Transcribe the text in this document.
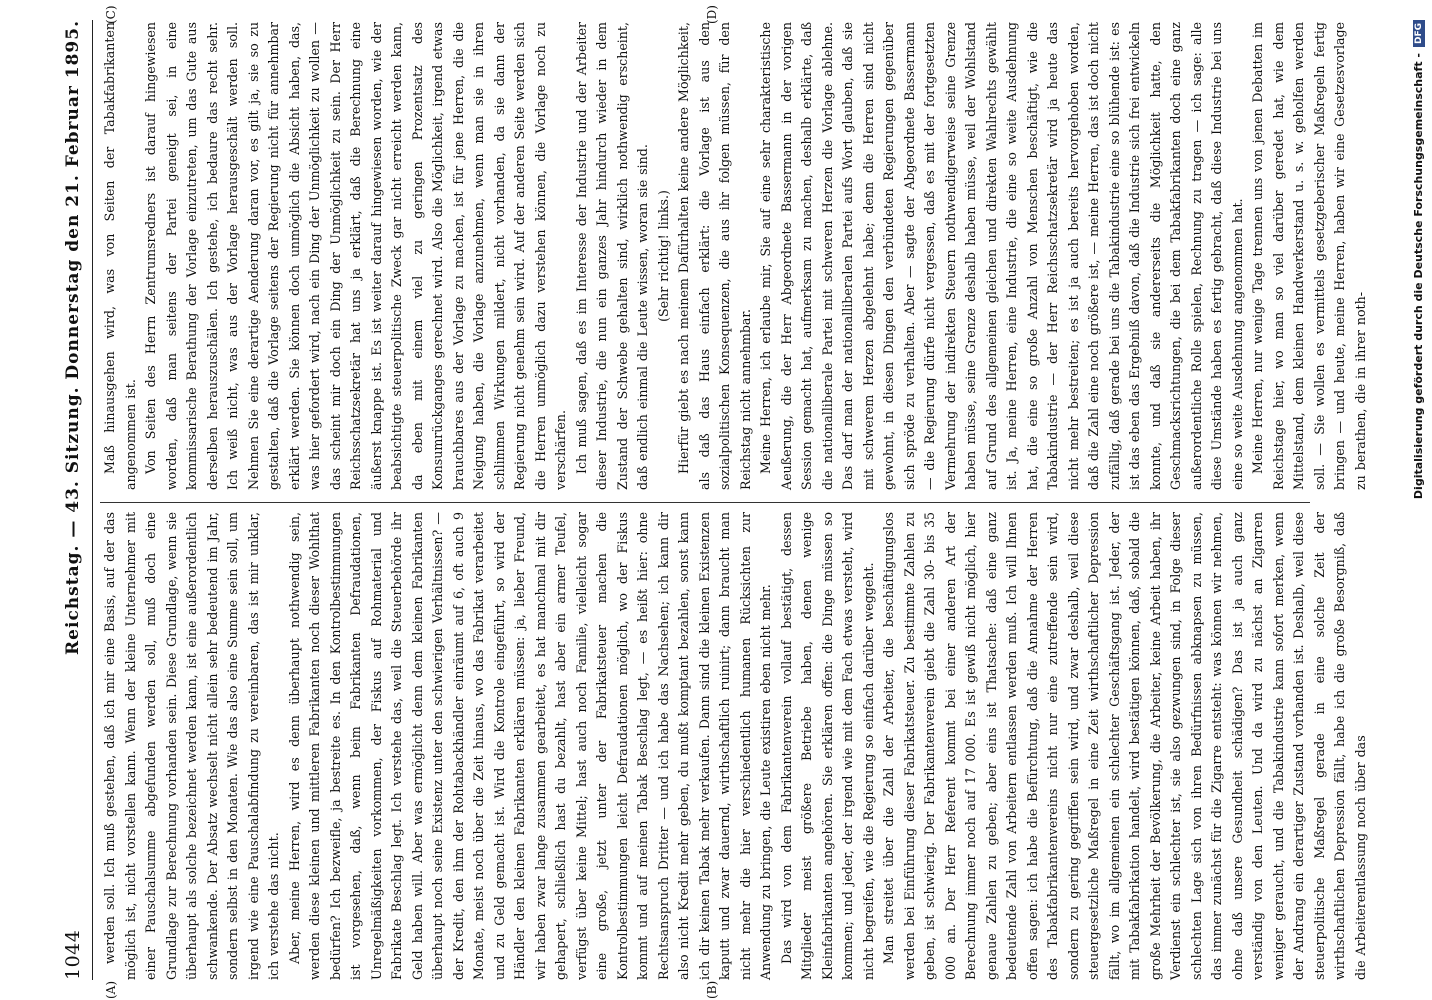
1044
Reichstag. — 43. Sitzung. Donnerstag den 21. Februar 1895.
(A)	(B)
(C)	(D)

werden soll. Ich muß gestehen, daß ich mir eine Basis, auf der das möglich ist, nicht vorstellen kann. Wenn der kleine Unternehmer mit einer Pauschalsumme abgefunden werden soll, muß doch eine Grundlage zur Berechnung vorhanden sein. Diese Grundlage, wenn sie überhaupt als solche bezeichnet werden kann, ist eine außerordentlich schwankende. Der Absatz wechselt nicht allein sehr bedeutend im Jahr, sondern selbst in den Monaten. Wie das also eine Summe sein soll, um irgend wie eine Pauschalabfindung zu vereinbaren, das ist mir unklar, ich verstehe das nicht. Aber, meine Herren, wird es denn überhaupt nothwendig sein, werden diese kleinen und mittleren Fabrikanten noch dieser Wohlthat bedürfen? Ich bezweifle, ja bestreite es. In den Kontrolbestimmungen ist vorgesehen, daß, wenn beim Fabrikanten Defraudationen, Unregelmäßigkeiten vorkommen, der Fiskus auf Rohmaterial und Fabrikate Beschlag legt. Ich verstehe das, weil die Steuerbehörde ihr Geld haben will. Aber was ermöglicht denn dem kleinen Fabrikanten überhaupt noch seine Existenz unter den schwierigen Verhältnissen? — der Kredit, den ihm der Rohtabackhändler einräumt auf 6, oft auch 9 Monate, meist noch über die Zeit hinaus, wo das Fabrikat verarbeitet und zu Geld gemacht ist. Wird die Kontrole eingeführt, so wird der Händler den kleinen Fabrikanten erklären müssen: ja, lieber Freund, wir haben zwar lange zusammen gearbeitet, es hat manchmal mit dir gehapert, schließlich hast du bezahlt, hast aber ein armer Teufel, verfügst über keine Mittel; hast auch noch Familie, vielleicht sogar eine große, jetzt unter der Fabrikatsteuer machen die Kontrolbestimmungen leicht Defraudationen möglich, wo der Fiskus kommt und auf meinen Tabak Beschlag legt, — es heißt hier: ohne Rechtsanspruch Dritter — und ich habe das Nachsehen; ich kann dir also nicht Kredit mehr geben, du mußt komptant bezahlen, sonst kann ich dir keinen Tabak mehr verkaufen. Dann sind die kleinen Existenzen kaputt und zwar dauernd, wirthschaftlich ruinirt; dann braucht man nicht mehr die hier verschiedentlich humanen Rücksichten zur Anwendung zu bringen, die Leute existiren eben nicht mehr. Das wird von dem Fabrikantenverein vollauf bestätigt, dessen Mitglieder meist größere Betriebe haben, denen wenige Kleinfabrikanten angehören. Sie erklären offen: die Dinge müssen so kommen; und jeder, der irgend wie mit dem Fach etwas versteht, wird nicht begreifen, wie die Regierung so einfach darüber weggeht. Man streitet über die Zahl der Arbeiter, die beschäftigungslos werden bei Einführung dieser Fabrikatsteuer. Zu bestimmte Zahlen zu geben, ist schwierig. Der Fabrikantenverein giebt die Zahl 30- bis 35 000 an. Der Herr Referent kommt bei einer anderen Art der Berechnung immer noch auf 17 000. Es ist gewiß nicht möglich, hier genaue Zahlen zu geben; aber eins ist Thatsache: daß eine ganz bedeutende Zahl von Arbeitern entlassen werden muß. Ich will Ihnen offen sagen: ich habe die Befürchtung, daß die Annahme der Herren des Tabakfabrikantenvereins nicht nur eine zutreffende sein wird, sondern zu gering gegriffen sein wird, und zwar deshalb, weil diese steuergesetzliche Maßregel in eine Zeit wirthschaftlicher Depression fällt, wo im allgemeinen ein schlechter Geschäftsgang ist. Jeder, der mit Tabakfabrikation handelt, wird bestätigen können, daß, sobald die große Mehrheit der Bevölkerung, die Arbeiter, keine Arbeit haben, ihr Verdienst ein schlechter ist, sie also gezwungen sind, in Folge dieser schlechten Lage sich von ihren Bedürfnissen abknapsen zu müssen, das immer zunächst für die Zigarre entsteht: was können wir nehmen, ohne daß unsere Gesundheit schädigen? Das ist ja auch ganz verständig von den Leuten. Und da wird zu nächst an Zigarren weniger geraucht, und die Tabakindustrie kann sofort merken, wenn der Andrang ein derartiger Zustand vorhanden ist. Deshalb, weil diese steuerpolitische Maßregel gerade in eine solche Zeit der wirthschaftlichen Depression fällt, habe ich die große Besorgniß, daß die Arbeiterentlassung noch über das

Maß hinausgehen wird, was von Seiten der Tabakfabrikanten angenommen ist. Von Seiten des Herrn Zentrumsredners ist darauf hingewiesen worden, daß man seitens der Partei geneigt sei, in eine kommissarische Berathung der Vorlage einzutreten, um das Gute aus derselben herauszuschälen. Ich gestehe, ich bedaure das recht sehr. Ich weiß nicht, was aus der Vorlage herausgeschält werden soll. Nehmen Sie eine derartige Aenderung daran vor, es gilt ja, sie so zu gestalten, daß die Vorlage seitens der Regierung nicht für annehmbar erklärt werden. Sie können doch unmöglich die Absicht haben, das, was hier gefordert wird, nach ein Ding der Unmöglichkeit zu wollen — das scheint mir doch ein Ding der Unmöglichkeit zu sein. Der Herr Reichsschatzsekretär hat uns ja erklärt, daß die Berechnung eine äußerst knappe ist. Es ist weiter darauf hingewiesen worden, wie der beabsichtigte steuerpolitische Zweck gar nicht erreicht werden kann, da eben mit einem viel zu geringen Prozentsatz des Konsumrückganges gerechnet wird. Also die Möglichkeit, irgend etwas brauchbares aus der Vorlage zu machen, ist für jene Herren, die die Neigung haben, die Vorlage anzunehmen, wenn man sie in ihren schlimmen Wirkungen mildert, nicht vorhanden, da sie dann der Regierung nicht genehm sein wird. Auf der anderen Seite werden sich die Herren unmöglich dazu verstehen können, die Vorlage noch zu verschärfen. Ich muß sagen, daß es im Interesse der Industrie und der Arbeiter dieser Industrie, die nun ein ganzes Jahr hindurch wieder in dem Zustand der Schwebe gehalten sind, wirklich nothwendig erscheint, daß endlich einmal die Leute wissen, woran sie sind. (Sehr richtig! links.) Hierfür giebt es nach meinem Dafürhalten keine andere Möglichkeit, als daß das Haus einfach erklärt: die Vorlage ist aus den sozialpolitischen Konsequenzen, die aus ihr folgen müssen, für den Reichstag nicht annehmbar. Meine Herren, ich erlaube mir, Sie auf eine sehr charakteristische Aeußerung, die der Herr Abgeordnete Bassermann in der vorigen Session gemacht hat, aufmerksam zu machen, deshalb erklärte, daß die nationalliberale Partei mit schweren Herzen die Vorlage ablehne. Das darf man der nationalliberalen Partei aufs Wort glauben, daß sie mit schwerem Herzen abgelehnt habe; denn die Herren sind nicht gewohnt, in diesen Dingen den verbündeten Regierungen gegenüber sich spröde zu verhalten. Aber — sagte der Abgeordnete Bassermann — die Regierung dürfe nicht vergessen, daß es mit der fortgesetzten Vermehrung der indirekten Steuern nothwendigerweise seine Grenze haben müsse, seine Grenze deshalb haben müsse, weil der Wohlstand auf Grund des allgemeinen gleichen und direkten Wahlrechts gewählt ist. Ja, meine Herren, eine Industrie, die eine so weite Ausdehnung hat, die eine so große Anzahl von Menschen beschäftigt, wie die Tabakindustrie — der Herr Reichsschatzsekretär wird ja heute das nicht mehr bestreiten; es ist ja auch bereits hervorgehoben worden, daß die Zahl eine noch größere ist, — meine Herren, das ist doch nicht zufällig, daß gerade bei uns die Tabakindustrie eine so blühende ist: es ist das eben das Ergebniß davon, daß die Industrie sich frei entwickeln konnte, und daß sie andererseits die Möglichkeit hatte, den Geschmacksrichtungen, die bei dem Tabakfabrikanten doch eine ganz außerordentliche Rolle spielen, Rechnung zu tragen — ich sage: alle diese Umstände haben es fertig gebracht, daß diese Industrie bei uns eine so weite Ausdehnung angenommen hat. Meine Herren, nur wenige Tage trennen uns von jenen Debatten im Reichstage hier, wo man so viel darüber geredet hat, wie dem Mittelstand, dem kleinen Handwerkerstand u. s. w. geholfen werden soll. — Sie wollen es vermittels gesetzgeberischer Maßregeln fertig bringen — und heute, meine Herren, haben wir eine Gesetzesvorlage zu berathen, die in ihrer noth-	Digitalisierung gefördert durch die Deutsche Forschungsgemeinschaft -
DFG
